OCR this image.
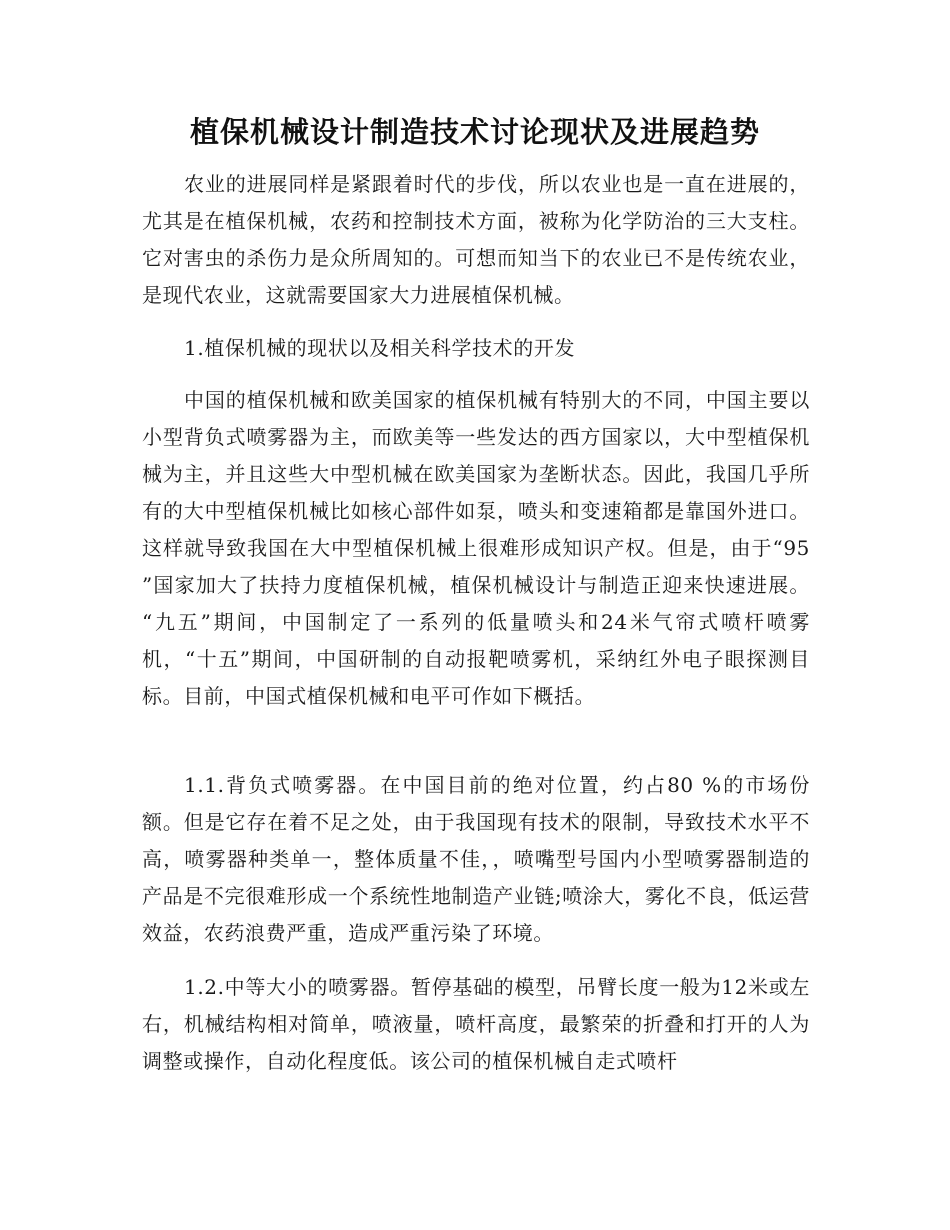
植保机械设计制造技术讨论现状及进展趋势

农业的进展同样是紧跟着时代的步伐，所以农业也是一直在进展的，尤其是在植保机械，农药和控制技术方面，被称为化学防治的三大支柱。它对害虫的杀伤力是众所周知的。可想而知当下的农业已不是传统农业，是现代农业，这就需要国家大力进展植保机械。

1.植保机械的现状以及相关科学技术的开发

中国的植保机械和欧美国家的植保机械有特别大的不同，中国主要以小型背负式喷雾器为主，而欧美等一些发达的西方国家以，大中型植保机械为主，并且这些大中型机械在欧美国家为垄断状态。因此，我国几乎所有的大中型植保机械比如核心部件如泵，喷头和变速箱都是靠国外进口。这样就导致我国在大中型植保机械上很难形成知识产权。但是，由于“95 ”国家加大了扶持力度植保机械，植保机械设计与制造正迎来快速进展。 “九五”期间，中国制定了一系列的低量喷头和24米气帘式喷杆喷雾机，“十五”期间，中国研制的自动报靶喷雾机，采纳红外电子眼探测目标。目前，中国式植保机械和电平可作如下概括。

1.1.背负式喷雾器。在中国目前的绝对位置，约占80 %的市场份额。但是它存在着不足之处，由于我国现有技术的限制，导致技术水平不高，喷雾器种类单一，整体质量不佳，，喷嘴型号国内小型喷雾器制造的产品是不完很难形成一个系统性地制造产业链;喷涂大，雾化不良，低运营效益，农药浪费严重，造成严重污染了环境。

1.2.中等大小的喷雾器。暂停基础的模型，吊臂长度一般为12米或左右，机械结构相对简单，喷液量，喷杆高度，最繁荣的折叠和打开的人为调整或操作，自动化程度低。该公司的植保机械自走式喷杆
